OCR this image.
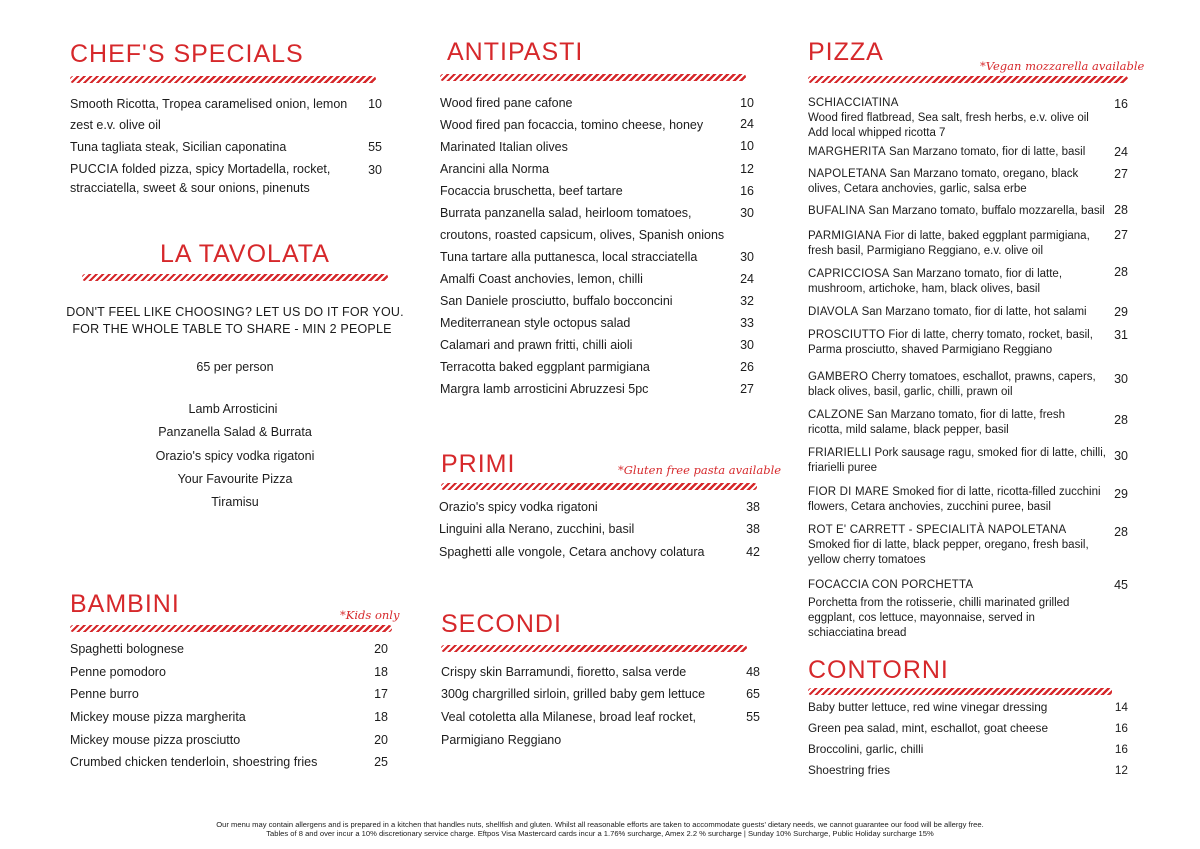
CHEF'S SPECIALS
Smooth Ricotta, Tropea caramelised onion, lemon
zest e.v. olive oil
10
Tuna tagliata steak, Sicilian caponatina	55
PUCCIA folded pizza, spicy Mortadella, rocket,
stracciatella, sweet & sour onions, pinenuts
30
LA TAVOLATA
DON'T FEEL LIKE CHOOSING? LET US DO IT FOR YOU.
FOR THE WHOLE TABLE TO SHARE - MIN 2 PEOPLE
65 per person
Lamb Arrosticini
Panzanella Salad & Burrata
Orazio's spicy vodka rigatoni
Your Favourite Pizza
Tiramisu
BAMBINI	*Kids only
Spaghetti bolognese	20
Penne pomodoro	18
Penne burro	17
Mickey mouse pizza margherita	18
Mickey mouse pizza prosciutto	20
Crumbed chicken tenderloin, shoestring fries	25
ANTIPASTI
Wood fired pane cafone	10
Wood fired pan focaccia, tomino cheese, honey	24
Marinated Italian olives	10
Arancini alla Norma	12
Focaccia bruschetta, beef tartare	16
Burrata panzanella salad, heirloom tomatoes,
croutons, roasted capsicum, olives, Spanish onions
30
Tuna tartare alla puttanesca, local stracciatella	30
Amalfi Coast anchovies, lemon, chilli	24
San Daniele prosciutto, buffalo bocconcini	32
Mediterranean style octopus salad	33
Calamari and prawn fritti, chilli aioli	30
Terracotta baked eggplant parmigiana	26
Margra lamb arrosticini Abruzzesi 5pc	27
PRIMI	*Gluten free pasta available
Orazio's spicy vodka rigatoni	38
Linguini alla Nerano, zucchini, basil	38
Spaghetti alle vongole, Cetara anchovy colatura	42
SECONDI
Crispy skin Barramundi, fioretto, salsa verde	48
300g chargrilled sirloin, grilled baby gem lettuce	65
Veal cotoletta alla Milanese, broad leaf rocket,
Parmigiano Reggiano
55
PIZZA	*Vegan mozzarella available
SCHIACCIATINA
Wood fired flatbread, Sea salt, fresh herbs, e.v. olive oil
Add local whipped ricotta 7
16
MARGHERITA San Marzano tomato, fior di latte, basil	24
NAPOLETANA San Marzano tomato, oregano, black
olives, Cetara anchovies, garlic, salsa erbe
27
BUFALINA San Marzano tomato, buffalo mozzarella, basil 28
PARMIGIANA Fior di latte, baked eggplant parmigiana,
fresh basil, Parmigiano Reggiano, e.v. olive oil
27
CAPRICCIOSA San Marzano tomato, fior di latte,
mushroom, artichoke, ham, black olives, basil
28
DIAVOLA San Marzano tomato, fior di latte, hot salami	29
PROSCIUTTO Fior di latte, cherry tomato, rocket, basil,
Parma prosciutto, shaved Parmigiano Reggiano
31
GAMBERO Cherry tomatoes, eschallot, prawns, capers,
black olives, basil, garlic, chilli, prawn oil
30
CALZONE San Marzano tomato, fior di latte, fresh
ricotta, mild salame, black pepper, basil
28
FRIARIELLI Pork sausage ragu, smoked fior di latte, chilli,
friarielli puree
30
FIOR DI MARE Smoked fior di latte, ricotta-filled zucchini
flowers, Cetara anchovies, zucchini puree, basil
29
ROT E' CARRETT - SPECIALITÀ NAPOLETANA
Smoked fior di latte, black pepper, oregano, fresh basil,
yellow cherry tomatoes
28
FOCACCIA CON PORCHETTA
Porchetta from the rotisserie, chilli marinated grilled
eggplant, cos lettuce, mayonnaise, served in
schiacciatina bread
45
CONTORNI
Baby butter lettuce, red wine vinegar dressing	14
Green pea salad, mint, eschallot, goat cheese	16
Broccolini, garlic, chilli	16
Shoestring fries	12
Our menu may contain allergens and is prepared in a kitchen that handles nuts, shellfish and gluten. Whilst all reasonable efforts are taken to accommodate guests' dietary needs, we cannot guarantee our food will be allergy free.
Tables of 8 and over incur a 10% discretionary service charge. Eftpos Visa Mastercard cards incur a 1.76% surcharge, Amex 2.2 % surcharge | Sunday 10% Surcharge, Public Holiday surcharge 15%
